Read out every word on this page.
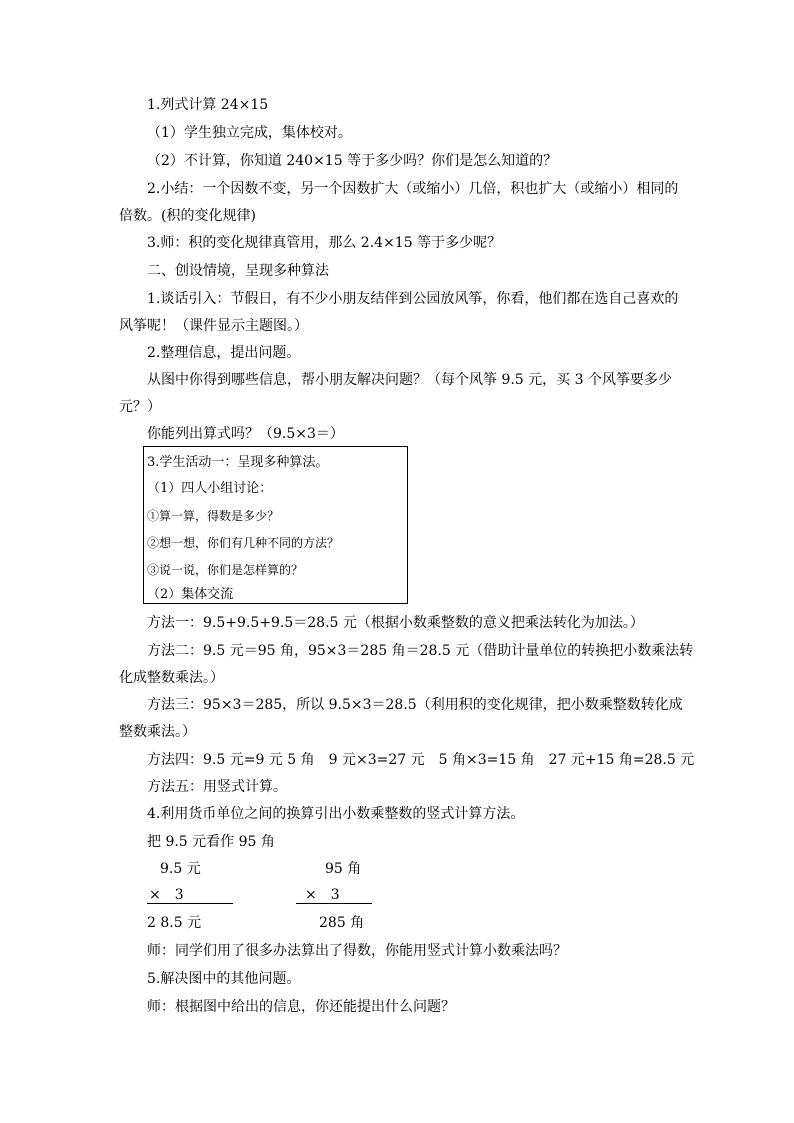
1.列式计算 24×15
（1）学生独立完成，集体校对。
（2）不计算，你知道 240×15 等于多少吗？你们是怎么知道的？
2.小结：一个因数不变，另一个因数扩大（或缩小）几倍，积也扩大（或缩小）相同的
倍数。(积的变化规律)
3.师：积的变化规律真管用，那么 2.4×15 等于多少呢？
二、创设情境，呈现多种算法
1.谈话引入：节假日，有不少小朋友结伴到公园放风筝，你看，他们都在选自己喜欢的
风筝呢！（课件显示主题图。）
2.整理信息，提出问题。
从图中你得到哪些信息，帮小朋友解决问题？（每个风筝 9.5 元，买 3 个风筝要多少
元？）
你能列出算式吗？（9.5×3＝）
3.学生活动一：呈现多种算法。
（1）四人小组讨论：
①算一算，得数是多少？
②想一想，你们有几种不同的方法？
③说一说，你们是怎样算的？
（2）集体交流
方法一：9.5+9.5+9.5＝28.5 元（根据小数乘整数的意义把乘法转化为加法。）
方法二：9.5 元＝95 角，95×3＝285 角＝28.5 元（借助计量单位的转换把小数乘法转
化成整数乘法。）
方法三：95×3＝285，所以 9.5×3＝28.5（利用积的变化规律，把小数乘整数转化成
整数乘法。）
方法四：9.5 元=9 元 5 角　9 元×3=27 元　5 角×3=15 角　27 元+15 角=28.5 元
方法五：用竖式计算。
4.利用货币单位之间的换算引出小数乘整数的竖式计算方法。
把 9.5 元看作 95 角
9.5 元	95 角
×　3	×　3
2 8.5 元	285 角
师：同学们用了很多办法算出了得数，你能用竖式计算小数乘法吗？
5.解决图中的其他问题。
师：根据图中给出的信息，你还能提出什么问题？
